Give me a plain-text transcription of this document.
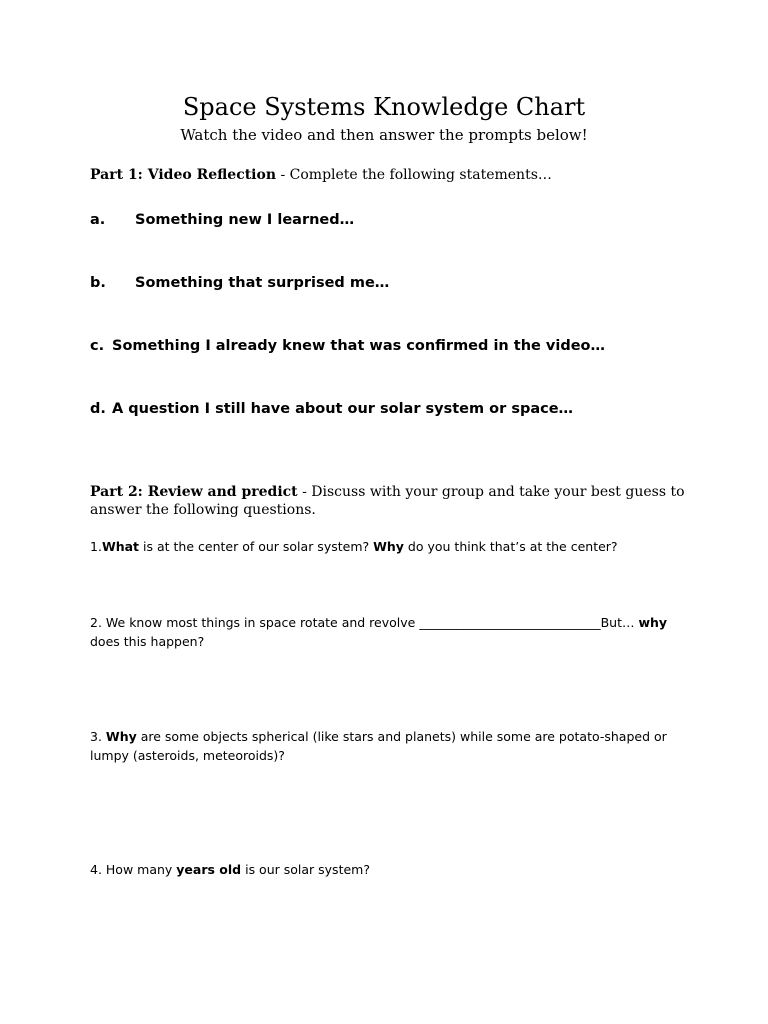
Space Systems Knowledge Chart
Watch the video and then answer the prompts below!
Part 1: Video Reflection - Complete the following statements…
a. Something new I learned…
b. Something that surprised me…
c. Something I already knew that was confirmed in the video…
d. A question I still have about our solar system or space…
Part 2: Review and predict - Discuss with your group and take your best guess to answer the following questions.
1.What is at the center of our solar system? Why do you think that’s at the center?
2. We know most things in space rotate and revolve _____________________________But… why does this happen?
3. Why are some objects spherical (like stars and planets) while some are potato-shaped or lumpy (asteroids, meteoroids)?
4. How many years old is our solar system?
